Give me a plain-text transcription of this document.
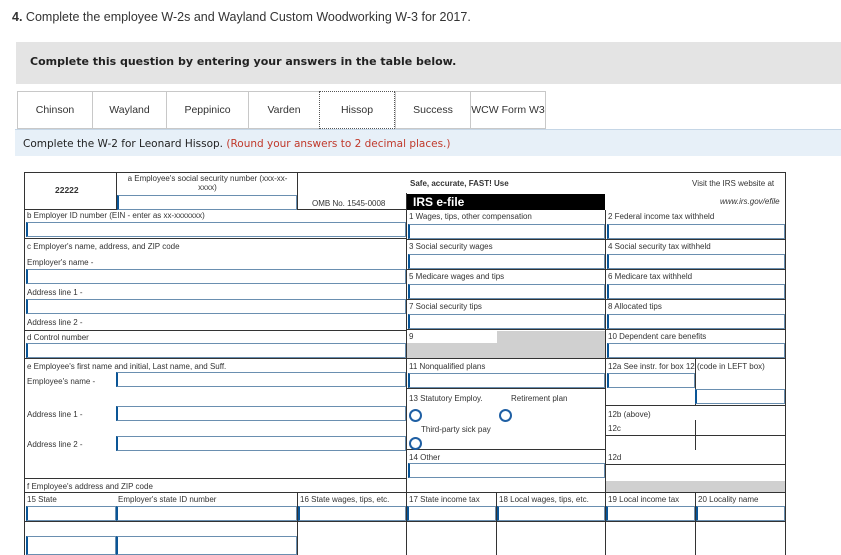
4. Complete the employee W-2s and Wayland Custom Woodworking W-3 for 2017.
Complete this question by entering your answers in the table below.
Chinson	Wayland	Peppinico	Varden	Hissop	Success	WCW Form W3
Complete the W-2 for Leonard Hissop. (Round your answers to 2 decimal places.)
22222
a Employee's social security number (xxx-xx-xxxx)
OMB No. 1545-0008
Safe, accurate, FAST! Use
IRS e-file
Visit the IRS website at
www.irs.gov/efile
b Employer ID number (EIN - enter as xx-xxxxxxx)
c Employer's name, address, and ZIP code
Employer's name -
Address line 1 -
Address line 2 -
d Control number
e Employee's first name and initial, Last name, and Suff.
Employee's name -
Address line 1 -
Address line 2 -
f Employee's address and ZIP code
1 Wages, tips, other compensation	2 Federal income tax withheld
3 Social security wages	4 Social security tax withheld
5 Medicare wages and tips	6 Medicare tax withheld
7 Social security tips	8 Allocated tips
9	10 Dependent care benefits
11 Nonqualified plans	12a See instr. for box 12 (code in LEFT box)
13 Statutory Employ.	Retirement plan
Third-party sick pay
12b (above)
12c
14 Other	12d
15 State	Employer's state ID number	16 State wages, tips, etc. 17 State income tax 18 Local wages, tips, etc. 19 Local income tax 20 Locality name
